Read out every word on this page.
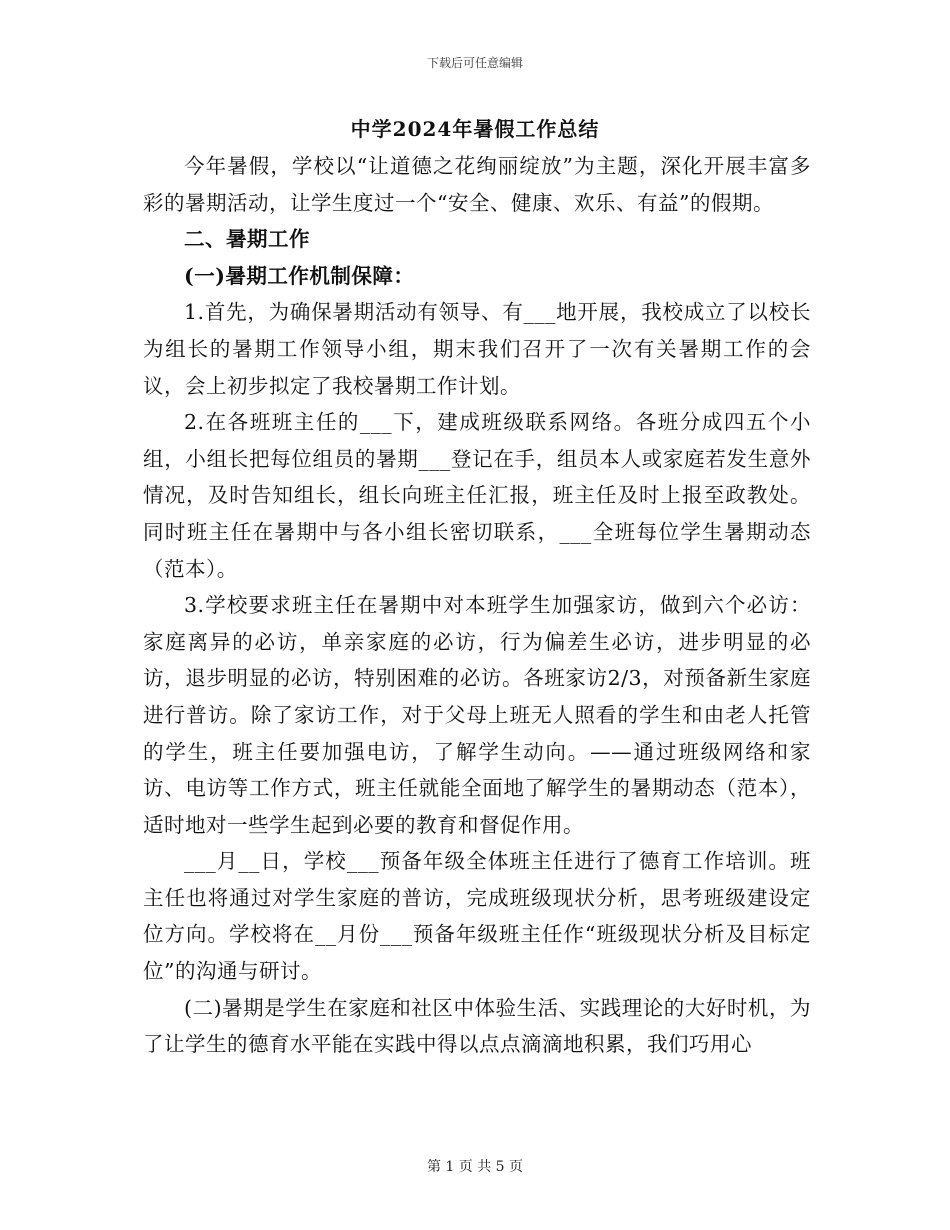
下载后可任意编辑
中学2024年暑假工作总结

今年暑假，学校以“让道德之花绚丽绽放”为主题，深化开展丰富多彩的暑期活动，让学生度过一个“安全、健康、欢乐、有益”的假期。

二、暑期工作

(一)暑期工作机制保障：

1.首先，为确保暑期活动有领导、有___地开展，我校成立了以校长为组长的暑期工作领导小组，期末我们召开了一次有关暑期工作的会议，会上初步拟定了我校暑期工作计划。

2.在各班班主任的___下，建成班级联系网络。各班分成四五个小组，小组长把每位组员的暑期___登记在手，组员本人或家庭若发生意外情况，及时告知组长，组长向班主任汇报，班主任及时上报至政教处。同时班主任在暑期中与各小组长密切联系，___全班每位学生暑期动态（范本）。

3.学校要求班主任在暑期中对本班学生加强家访，做到六个必访：家庭离异的必访，单亲家庭的必访，行为偏差生必访，进步明显的必访，退步明显的必访，特别困难的必访。各班家访2/3，对预备新生家庭进行普访。除了家访工作，对于父母上班无人照看的学生和由老人托管的学生，班主任要加强电访，了解学生动向。——通过班级网络和家访、电访等工作方式，班主任就能全面地了解学生的暑期动态（范本），适时地对一些学生起到必要的教育和督促作用。

___月__日，学校___预备年级全体班主任进行了德育工作培训。班主任也将通过对学生家庭的普访，完成班级现状分析，思考班级建设定位方向。学校将在__月份___预备年级班主任作“班级现状分析及目标定位”的沟通与研讨。

(二)暑期是学生在家庭和社区中体验生活、实践理论的大好时机，为了让学生的德育水平能在实践中得以点点滴滴地积累，我们巧用心

第 1 页 共 5 页
